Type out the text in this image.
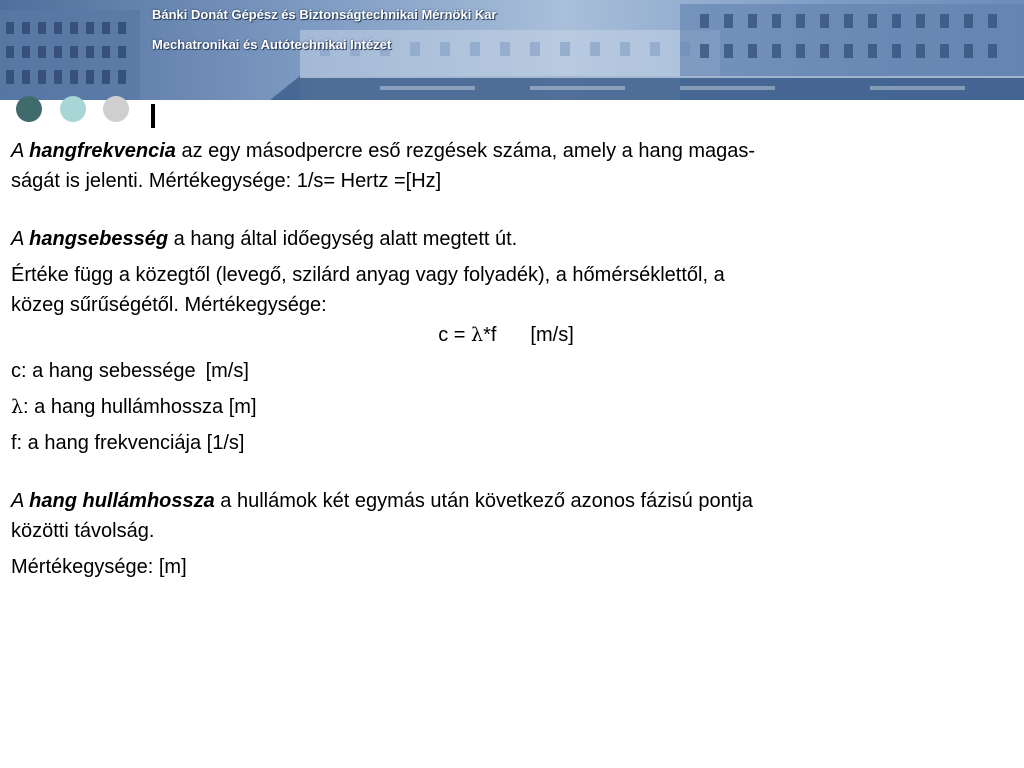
Bánki Donát Gépész és Biztonságtechnikai Mérnöki Kar
Mechatronikai és Autótechnikai Intézet

A hangfrekvencia az egy másodpercre eső rezgések száma, amely a hang magas-
ságát is jelenti. Mértékegysége: 1/s= Hertz =[Hz]

A hangsebesség a hang által időegység alatt megtett út.

Értéke függ a közegtől (levegő, szilárd anyag vagy folyadék), a hőmérséklettől, a
közeg sűrűségétől. Mértékegysége:

c = λ*f [m/s]

c: a hang sebessége [m/s]

λ: a hang hullámhossza [m]

f: a hang frekvenciája [1/s]

A hang hullámhossza a hullámok két egymás után következő azonos fázisú pontja
közötti távolság.

Mértékegysége: [m]
